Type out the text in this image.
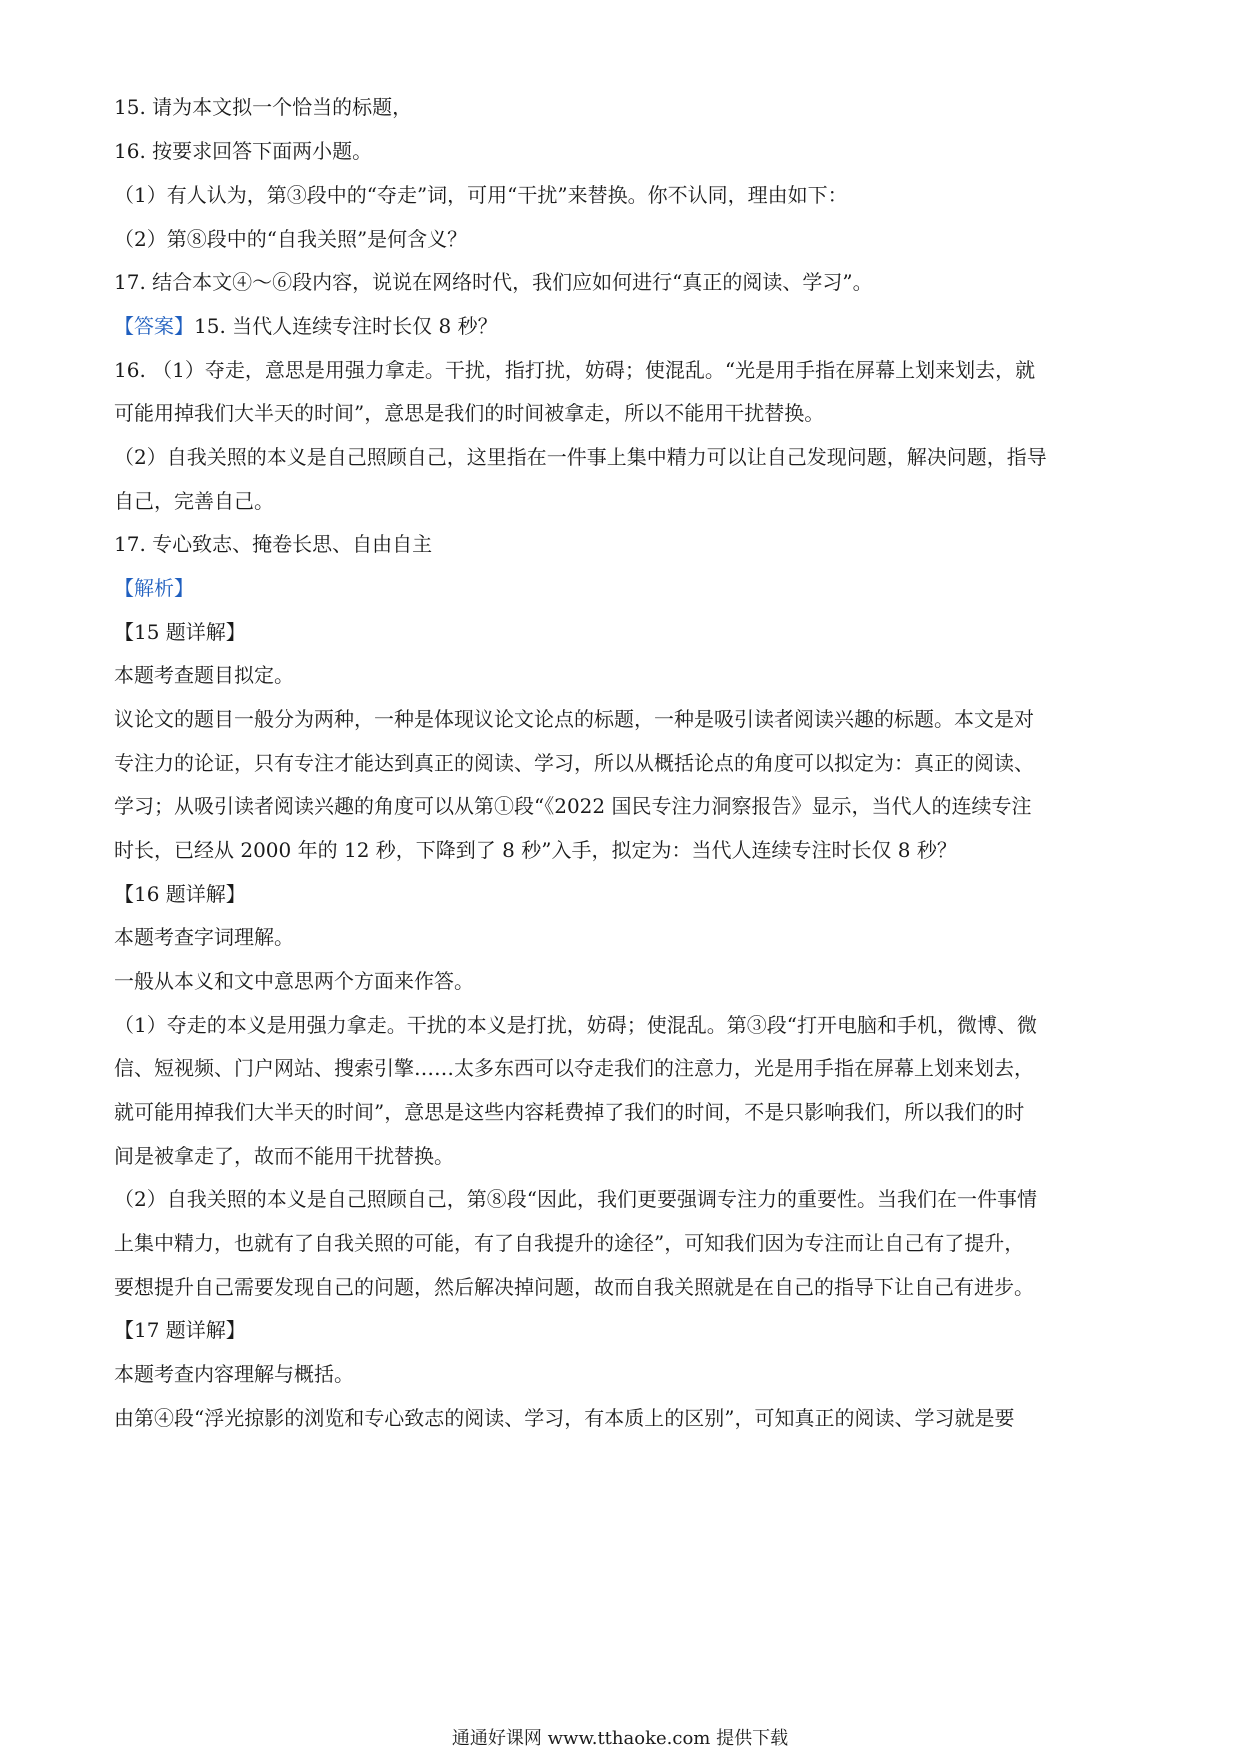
15. 请为本文拟一个恰当的标题，
16. 按要求回答下面两小题。
（1）有人认为，第③段中的“夺走”词，可用“干扰”来替换。你不认同，理由如下：
（2）第⑧段中的“自我关照”是何含义？
17. 结合本文④～⑥段内容，说说在网络时代，我们应如何进行“真正的阅读、学习”。
【答案】15. 当代人连续专注时长仅 8 秒？
16. （1）夺走，意思是用强力拿走。干扰，指打扰，妨碍；使混乱。“光是用手指在屏幕上划来划去，就
可能用掉我们大半天的时间”，意思是我们的时间被拿走，所以不能用干扰替换。
（2）自我关照的本义是自己照顾自己，这里指在一件事上集中精力可以让自己发现问题，解决问题，指导
自己，完善自己。
17. 专心致志、掩卷长思、自由自主
【解析】
【15 题详解】
本题考查题目拟定。
议论文的题目一般分为两种，一种是体现议论文论点的标题，一种是吸引读者阅读兴趣的标题。本文是对
专注力的论证，只有专注才能达到真正的阅读、学习，所以从概括论点的角度可以拟定为：真正的阅读、
学习；从吸引读者阅读兴趣的角度可以从第①段“《2022 国民专注力洞察报告》显示，当代人的连续专注
时长，已经从 2000 年的 12 秒，下降到了 8 秒”入手，拟定为：当代人连续专注时长仅 8 秒？
【16 题详解】
本题考查字词理解。
一般从本义和文中意思两个方面来作答。
（1）夺走的本义是用强力拿走。干扰的本义是打扰，妨碍；使混乱。第③段“打开电脑和手机，微博、微
信、短视频、门户网站、搜索引擎……太多东西可以夺走我们的注意力，光是用手指在屏幕上划来划去，
就可能用掉我们大半天的时间”，意思是这些内容耗费掉了我们的时间，不是只影响我们，所以我们的时
间是被拿走了，故而不能用干扰替换。
（2）自我关照的本义是自己照顾自己，第⑧段“因此，我们更要强调专注力的重要性。当我们在一件事情
上集中精力，也就有了自我关照的可能，有了自我提升的途径”，可知我们因为专注而让自己有了提升，
要想提升自己需要发现自己的问题，然后解决掉问题，故而自我关照就是在自己的指导下让自己有进步。
【17 题详解】
本题考查内容理解与概括。
由第④段“浮光掠影的浏览和专心致志的阅读、学习，有本质上的区别”，可知真正的阅读、学习就是要
通通好课网 www.tthaoke.com 提供下载
